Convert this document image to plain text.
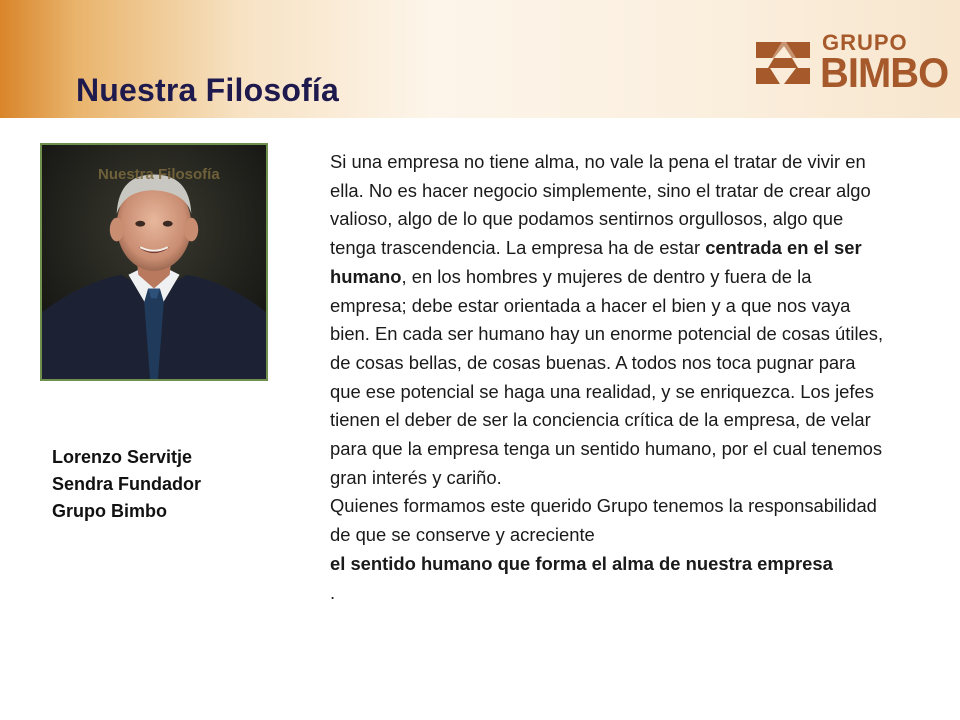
Nuestra Filosofía
GRUPO
BIMBO
Nuestra Filosofía
Lorenzo Servitje
Sendra Fundador
Grupo Bimbo

Si una empresa no tiene alma, no vale la pena el tratar de vivir en ella. No es hacer negocio simplemente, sino el tratar de crear algo valioso, algo de lo que podamos sentirnos orgullosos, algo que tenga trascendencia. La empresa ha de estar centrada en el ser humano, en los hombres y mujeres de dentro y fuera de la empresa; debe estar orientada a hacer el bien y a que nos vaya bien. En cada ser humano hay un enorme potencial de cosas útiles, de cosas bellas, de cosas buenas. A todos nos toca pugnar para que ese potencial se haga una realidad, y se enriquezca. Los jefes tienen el deber de ser la conciencia crítica de la empresa, de velar para que la empresa tenga un sentido humano, por el cual tenemos gran interés y cariño.

Quienes formamos este querido Grupo tenemos la responsabilidad de que se conserve y acreciente

el sentido humano que forma el alma de nuestra empresa

.
